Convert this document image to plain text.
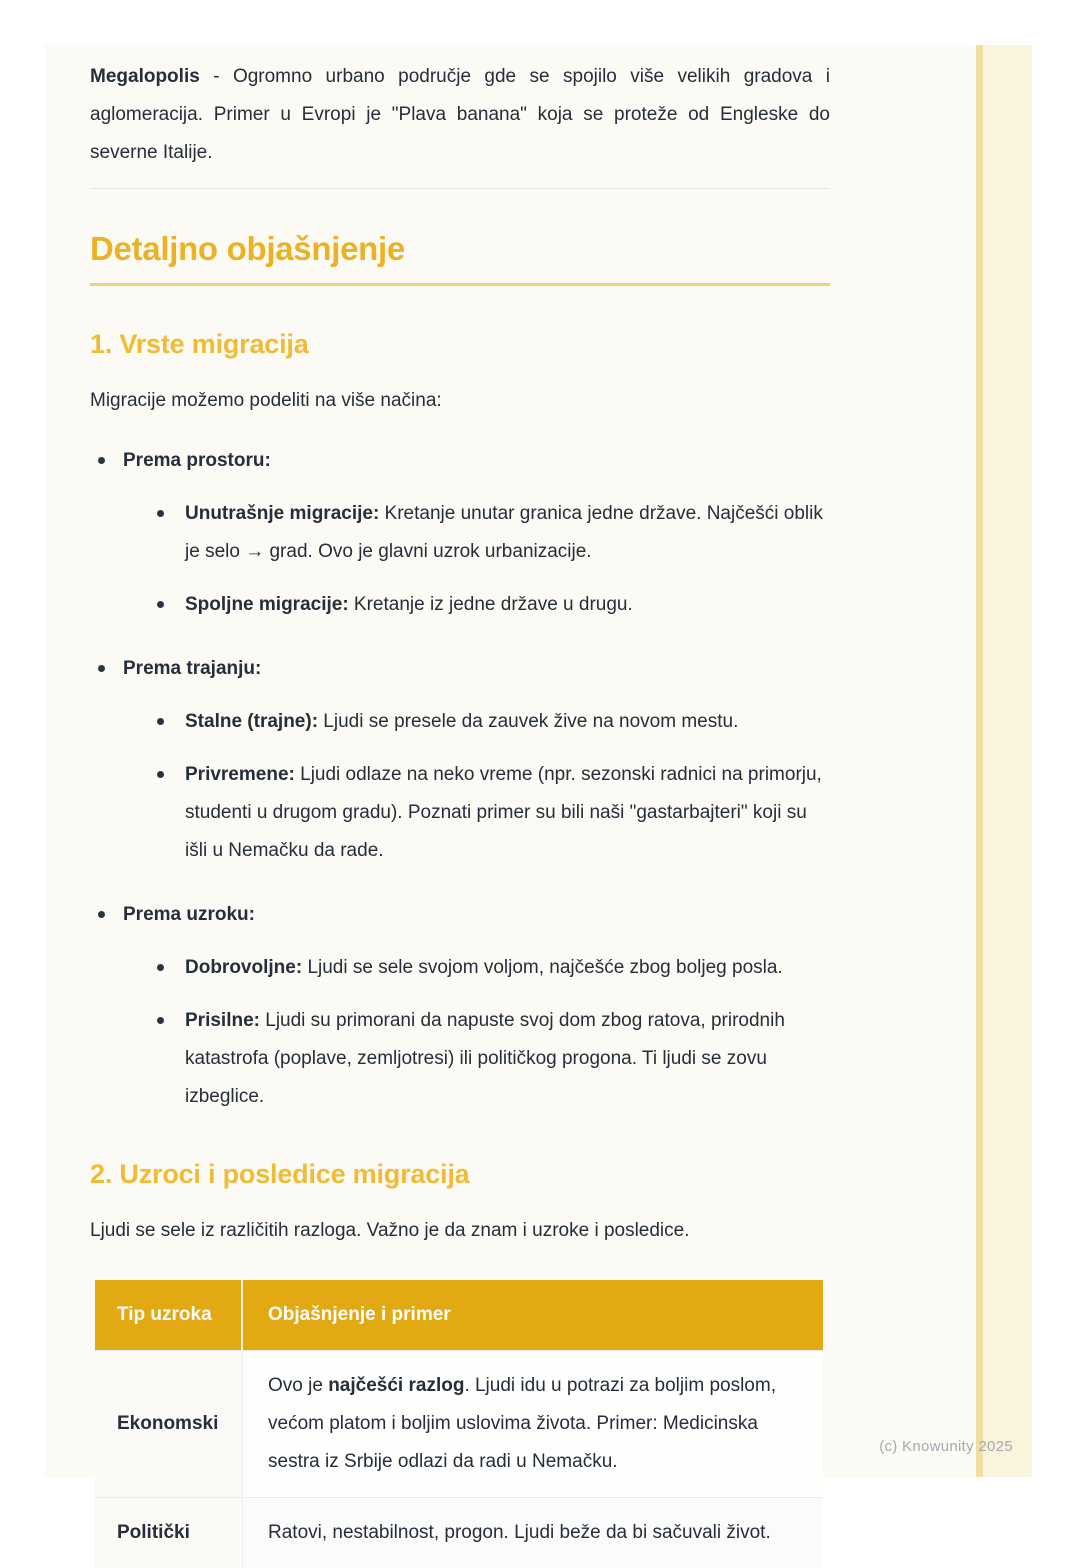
Megalopolis - Ogromno urbano područje gde se spojilo više velikih gradova i aglomeracija. Primer u Evropi je "Plava banana" koja se proteže od Engleske do severne Italije.

Detaljno objašnjenje
1. Vrste migracija

Migracije možemo podeliti na više načina:

Prema prostoru:
Unutrašnje migracije: Kretanje unutar granica jedne države. Najčešći oblik je selo → grad. Ovo je glavni uzrok urbanizacije.
Spoljne migracije: Kretanje iz jedne države u drugu.
Prema trajanju:
Stalne (trajne): Ljudi se presele da zauvek žive na novom mestu.
Privremene: Ljudi odlaze na neko vreme (npr. sezonski radnici na primorju, studenti u drugom gradu). Poznati primer su bili naši "gastarbajteri" koji su išli u Nemačku da rade.
Prema uzroku:
Dobrovoljne: Ljudi se sele svojom voljom, najčešće zbog boljeg posla.
Prisilne: Ljudi su primorani da napuste svoj dom zbog ratova, prirodnih katastrofa (poplave, zemljotresi) ili političkog progona. Ti ljudi se zovu izbeglice.
2. Uzroci i posledice migracija

Ljudi se sele iz različitih razloga. Važno je da znam i uzroke i posledice.

Tip uzroka	Objašnjenje i primer
Ekonomski
Ovo je najčešći razlog. Ljudi idu u potrazi za boljim poslom, većom platom i boljim uslovima života. Primer: Medicinska sestra iz Srbije odlazi da radi u Nemačku.
Politički	Ratovi, nestabilnost, progon. Ljudi beže da bi sačuvali život.
(c) Knowunity 2025
